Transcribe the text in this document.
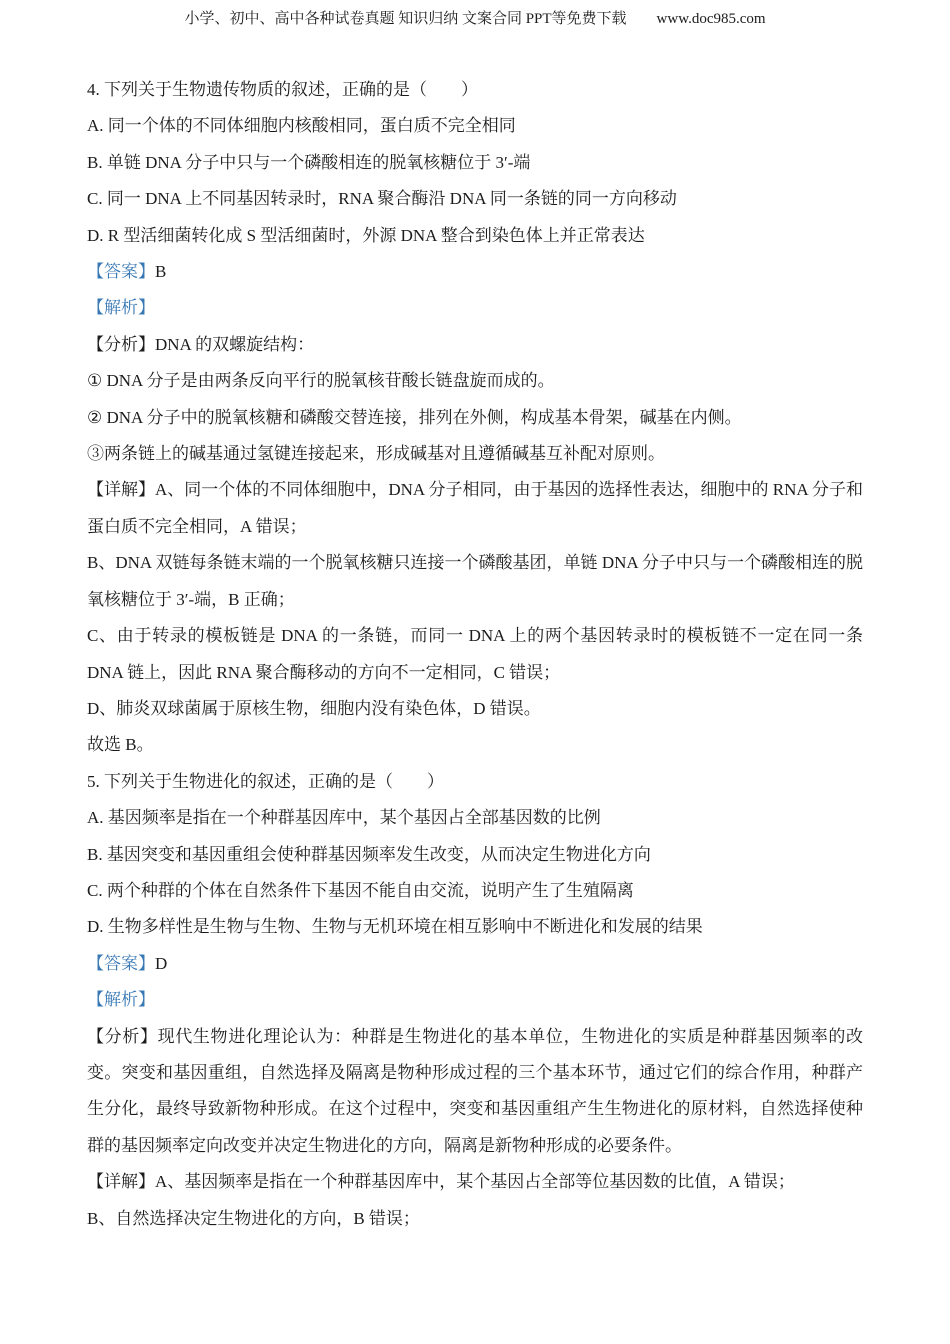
小学、初中、高中各种试卷真题 知识归纳 文案合同 PPT等免费下载 www.doc985.com

4. 下列关于生物遗传物质的叙述，正确的是（　　）

A. 同一个体的不同体细胞内核酸相同，蛋白质不完全相同

B. 单链 DNA 分子中只与一个磷酸相连的脱氧核糖位于 3′-端

C. 同一 DNA 上不同基因转录时，RNA 聚合酶沿 DNA 同一条链的同一方向移动

D. R 型活细菌转化成 S 型活细菌时，外源 DNA 整合到染色体上并正常表达

【答案】B

【解析】

【分析】DNA 的双螺旋结构：

① DNA 分子是由两条反向平行的脱氧核苷酸长链盘旋而成的。

② DNA 分子中的脱氧核糖和磷酸交替连接，排列在外侧，构成基本骨架，碱基在内侧。

③两条链上的碱基通过氢键连接起来，形成碱基对且遵循碱基互补配对原则。

【详解】A、同一个体的不同体细胞中，DNA 分子相同，由于基因的选择性表达，细胞中的 RNA 分子和蛋白质不完全相同，A 错误；

B、DNA 双链每条链末端的一个脱氧核糖只连接一个磷酸基团，单链 DNA 分子中只与一个磷酸相连的脱氧核糖位于 3′-端，B 正确；

C、由于转录的模板链是 DNA 的一条链，而同一 DNA 上的两个基因转录时的模板链不一定在同一条 DNA 链上，因此 RNA 聚合酶移动的方向不一定相同，C 错误；

D、肺炎双球菌属于原核生物，细胞内没有染色体，D 错误。

故选 B。

5. 下列关于生物进化的叙述，正确的是（　　）

A. 基因频率是指在一个种群基因库中，某个基因占全部基因数的比例

B. 基因突变和基因重组会使种群基因频率发生改变，从而决定生物进化方向

C. 两个种群的个体在自然条件下基因不能自由交流，说明产生了生殖隔离

D. 生物多样性是生物与生物、生物与无机环境在相互影响中不断进化和发展的结果

【答案】D

【解析】

【分析】现代生物进化理论认为：种群是生物进化的基本单位，生物进化的实质是种群基因频率的改变。突变和基因重组，自然选择及隔离是物种形成过程的三个基本环节，通过它们的综合作用，种群产生分化，最终导致新物种形成。在这个过程中，突变和基因重组产生生物进化的原材料，自然选择使种群的基因频率定向改变并决定生物进化的方向，隔离是新物种形成的必要条件。

【详解】A、基因频率是指在一个种群基因库中，某个基因占全部等位基因数的比值，A 错误；

B、自然选择决定生物进化的方向，B 错误；
